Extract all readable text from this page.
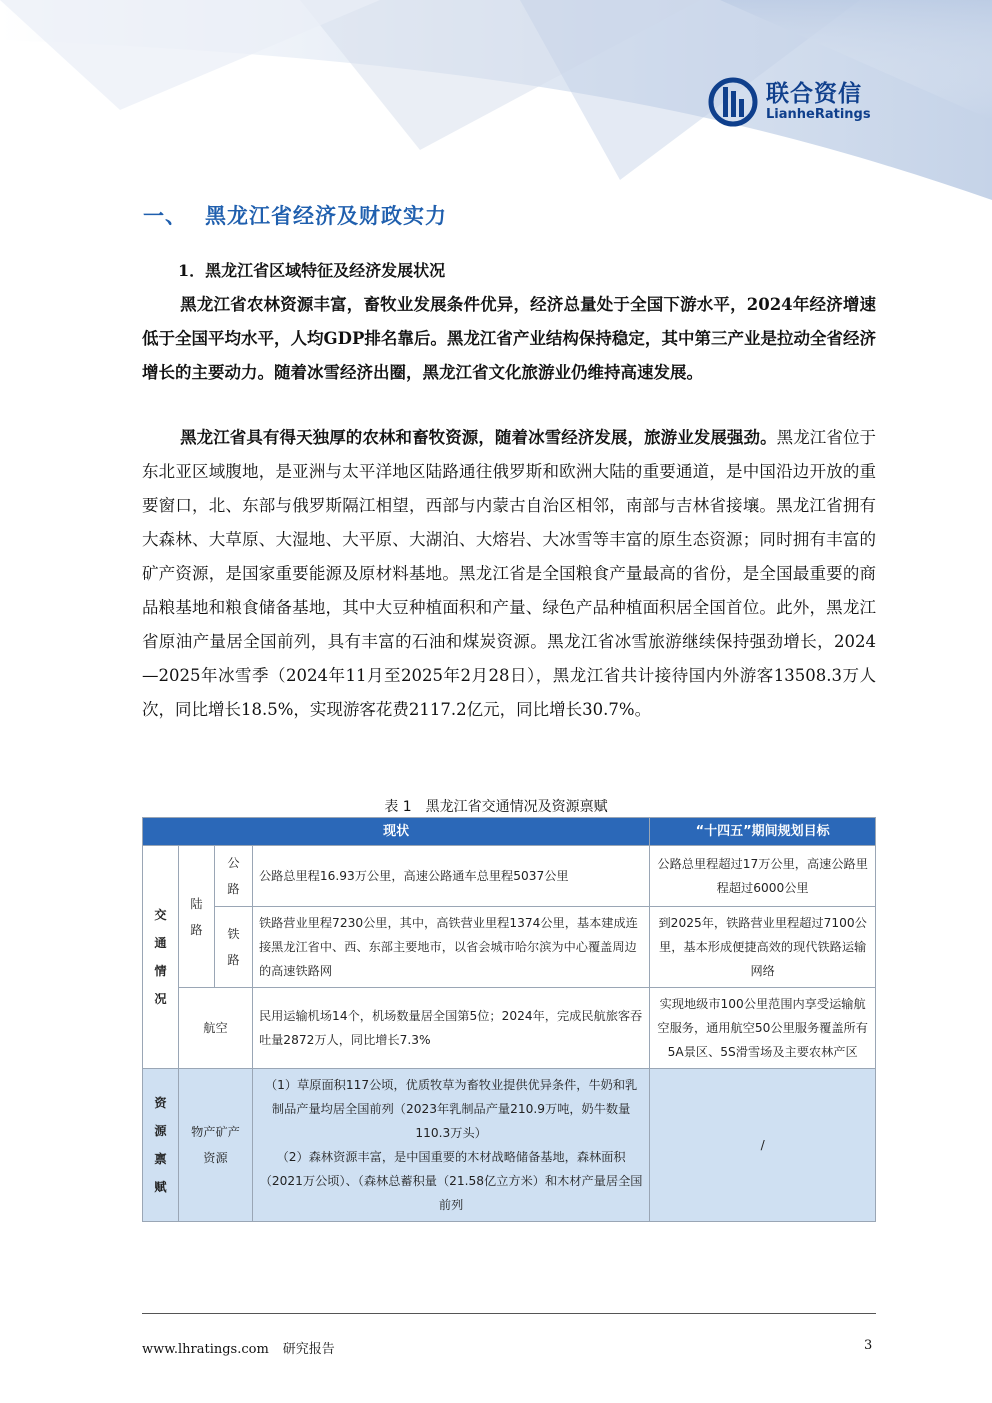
联合资信
LianheRatings
一、 黑龙江省经济及财政实力
1．黑龙江省区域特征及经济发展状况
黑龙江省农林资源丰富，畜牧业发展条件优异，经济总量处于全国下游水平，2024年经济增速低于全国平均水平，人均GDP排名靠后。黑龙江省产业结构保持稳定，其中第三产业是拉动全省经济增长的主要动力。随着冰雪经济出圈，黑龙江省文化旅游业仍维持高速发展。
黑龙江省具有得天独厚的农林和畜牧资源，随着冰雪经济发展，旅游业发展强劲。黑龙江省位于东北亚区域腹地，是亚洲与太平洋地区陆路通往俄罗斯和欧洲大陆的重要通道，是中国沿边开放的重要窗口，北、东部与俄罗斯隔江相望，西部与内蒙古自治区相邻，南部与吉林省接壤。黑龙江省拥有大森林、大草原、大湿地、大平原、大湖泊、大熔岩、大冰雪等丰富的原生态资源；同时拥有丰富的矿产资源，是国家重要能源及原材料基地。黑龙江省是全国粮食产量最高的省份，是全国最重要的商品粮基地和粮食储备基地，其中大豆种植面积和产量、绿色产品种植面积居全国首位。此外，黑龙江省原油产量居全国前列，具有丰富的石油和煤炭资源。黑龙江省冰雪旅游继续保持强劲增长，2024—2025年冰雪季（2024年11月至2025年2月28日），黑龙江省共计接待国内外游客13508.3万人次，同比增长18.5%，实现游客花费2117.2亿元，同比增长30.7%。
表 1　黑龙江省交通情况及资源禀赋
现状				“十四五”期间规划目标
交通情况	陆路	公路	公路总里程16.93万公里，高速公路通车总里程5037公里	公路总里程超过17万公里，高速公路里程超过6000公里
		铁路	铁路营业里程7230公里，其中，高铁营业里程1374公里，基本建成连接黑龙江省中、西、东部主要地市，以省会城市哈尔滨为中心覆盖周边的高速铁路网	到2025年，铁路营业里程超过7100公里，基本形成便捷高效的现代铁路运输网络
	航空		民用运输机场14个，机场数量居全国第5位；2024年，完成民航旅客吞吐量2872万人，同比增长7.3%	实现地级市100公里范围内享受运输航空服务，通用航空50公里服务覆盖所有5A景区、5S滑雪场及主要农林产区
资源禀赋	物产矿产资源		（1）草原面积117公顷，优质牧草为畜牧业提供优异条件，牛奶和乳制品产量均居全国前列（2023年乳制品产量210.9万吨，奶牛数量110.3万头）
（2）森林资源丰富，是中国重要的木材战略储备基地，森林面积（2021万公顷）、（森林总蓄积量（21.58亿立方米）和木材产量居全国前列	/
www.lhratings.com 研究报告	3
